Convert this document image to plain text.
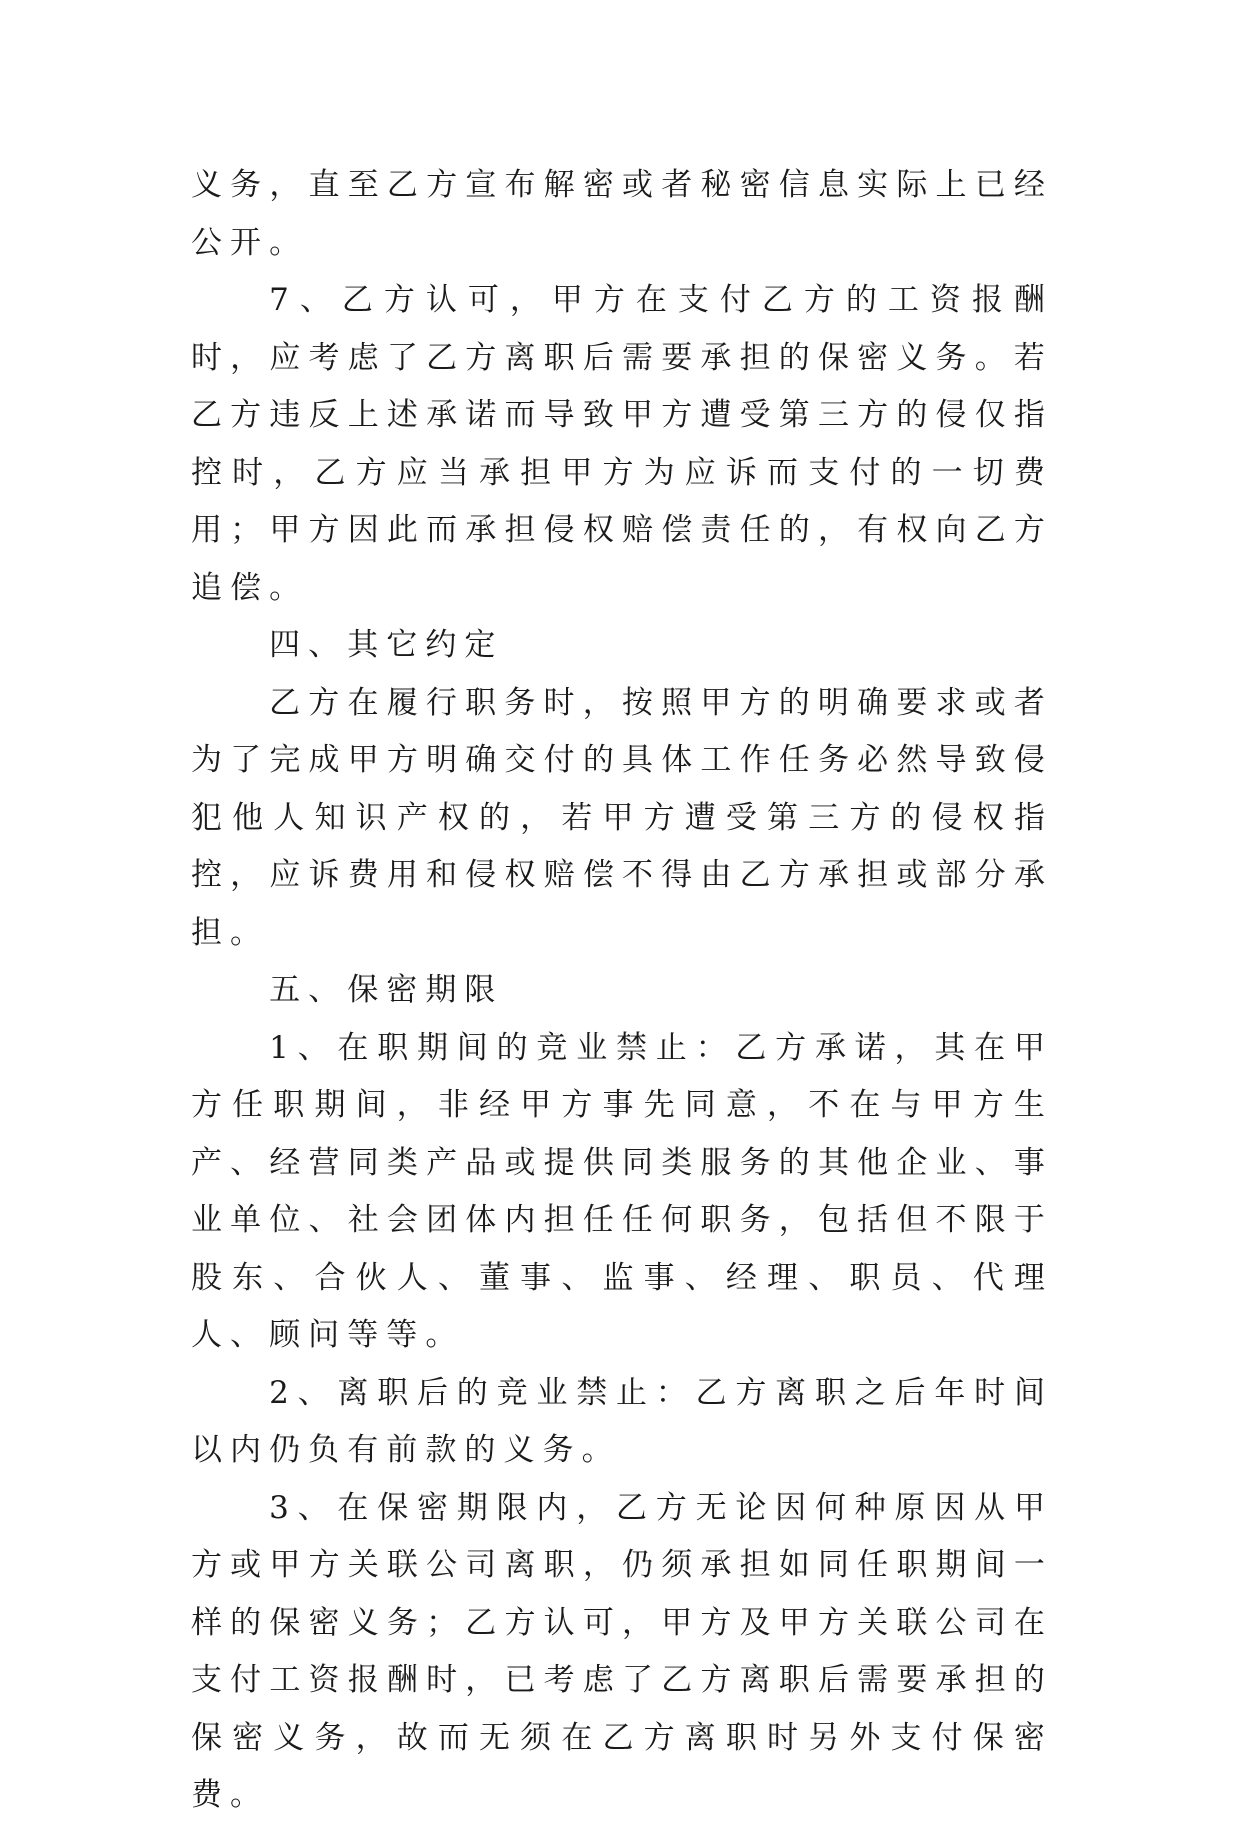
义务，直至乙方宣布解密或者秘密信息实际上已经公开。

7、乙方认可，甲方在支付乙方的工资报酬时，应考虑了乙方离职后需要承担的保密义务。若乙方违反上述承诺而导致甲方遭受第三方的侵仅指控时，乙方应当承担甲方为应诉而支付的一切费用；甲方因此而承担侵权赔偿责任的，有权向乙方追偿。

四、其它约定

乙方在履行职务时，按照甲方的明确要求或者为了完成甲方明确交付的具体工作任务必然导致侵犯他人知识产权的，若甲方遭受第三方的侵权指控，应诉费用和侵权赔偿不得由乙方承担或部分承担。

五、保密期限

1、在职期间的竞业禁止：乙方承诺，其在甲方任职期间，非经甲方事先同意，不在与甲方生产、经营同类产品或提供同类服务的其他企业、事业单位、社会团体内担任任何职务，包括但不限于股东、合伙人、董事、监事、经理、职员、代理人、顾问等等。

2、离职后的竞业禁止：乙方离职之后年时间以内仍负有前款的义务。

3、在保密期限内，乙方无论因何种原因从甲方或甲方关联公司离职，仍须承担如同任职期间一样的保密义务；乙方认可，甲方及甲方关联公司在支付工资报酬时，已考虑了乙方离职后需要承担的保密义务，故而无须在乙方离职时另外支付保密费。
